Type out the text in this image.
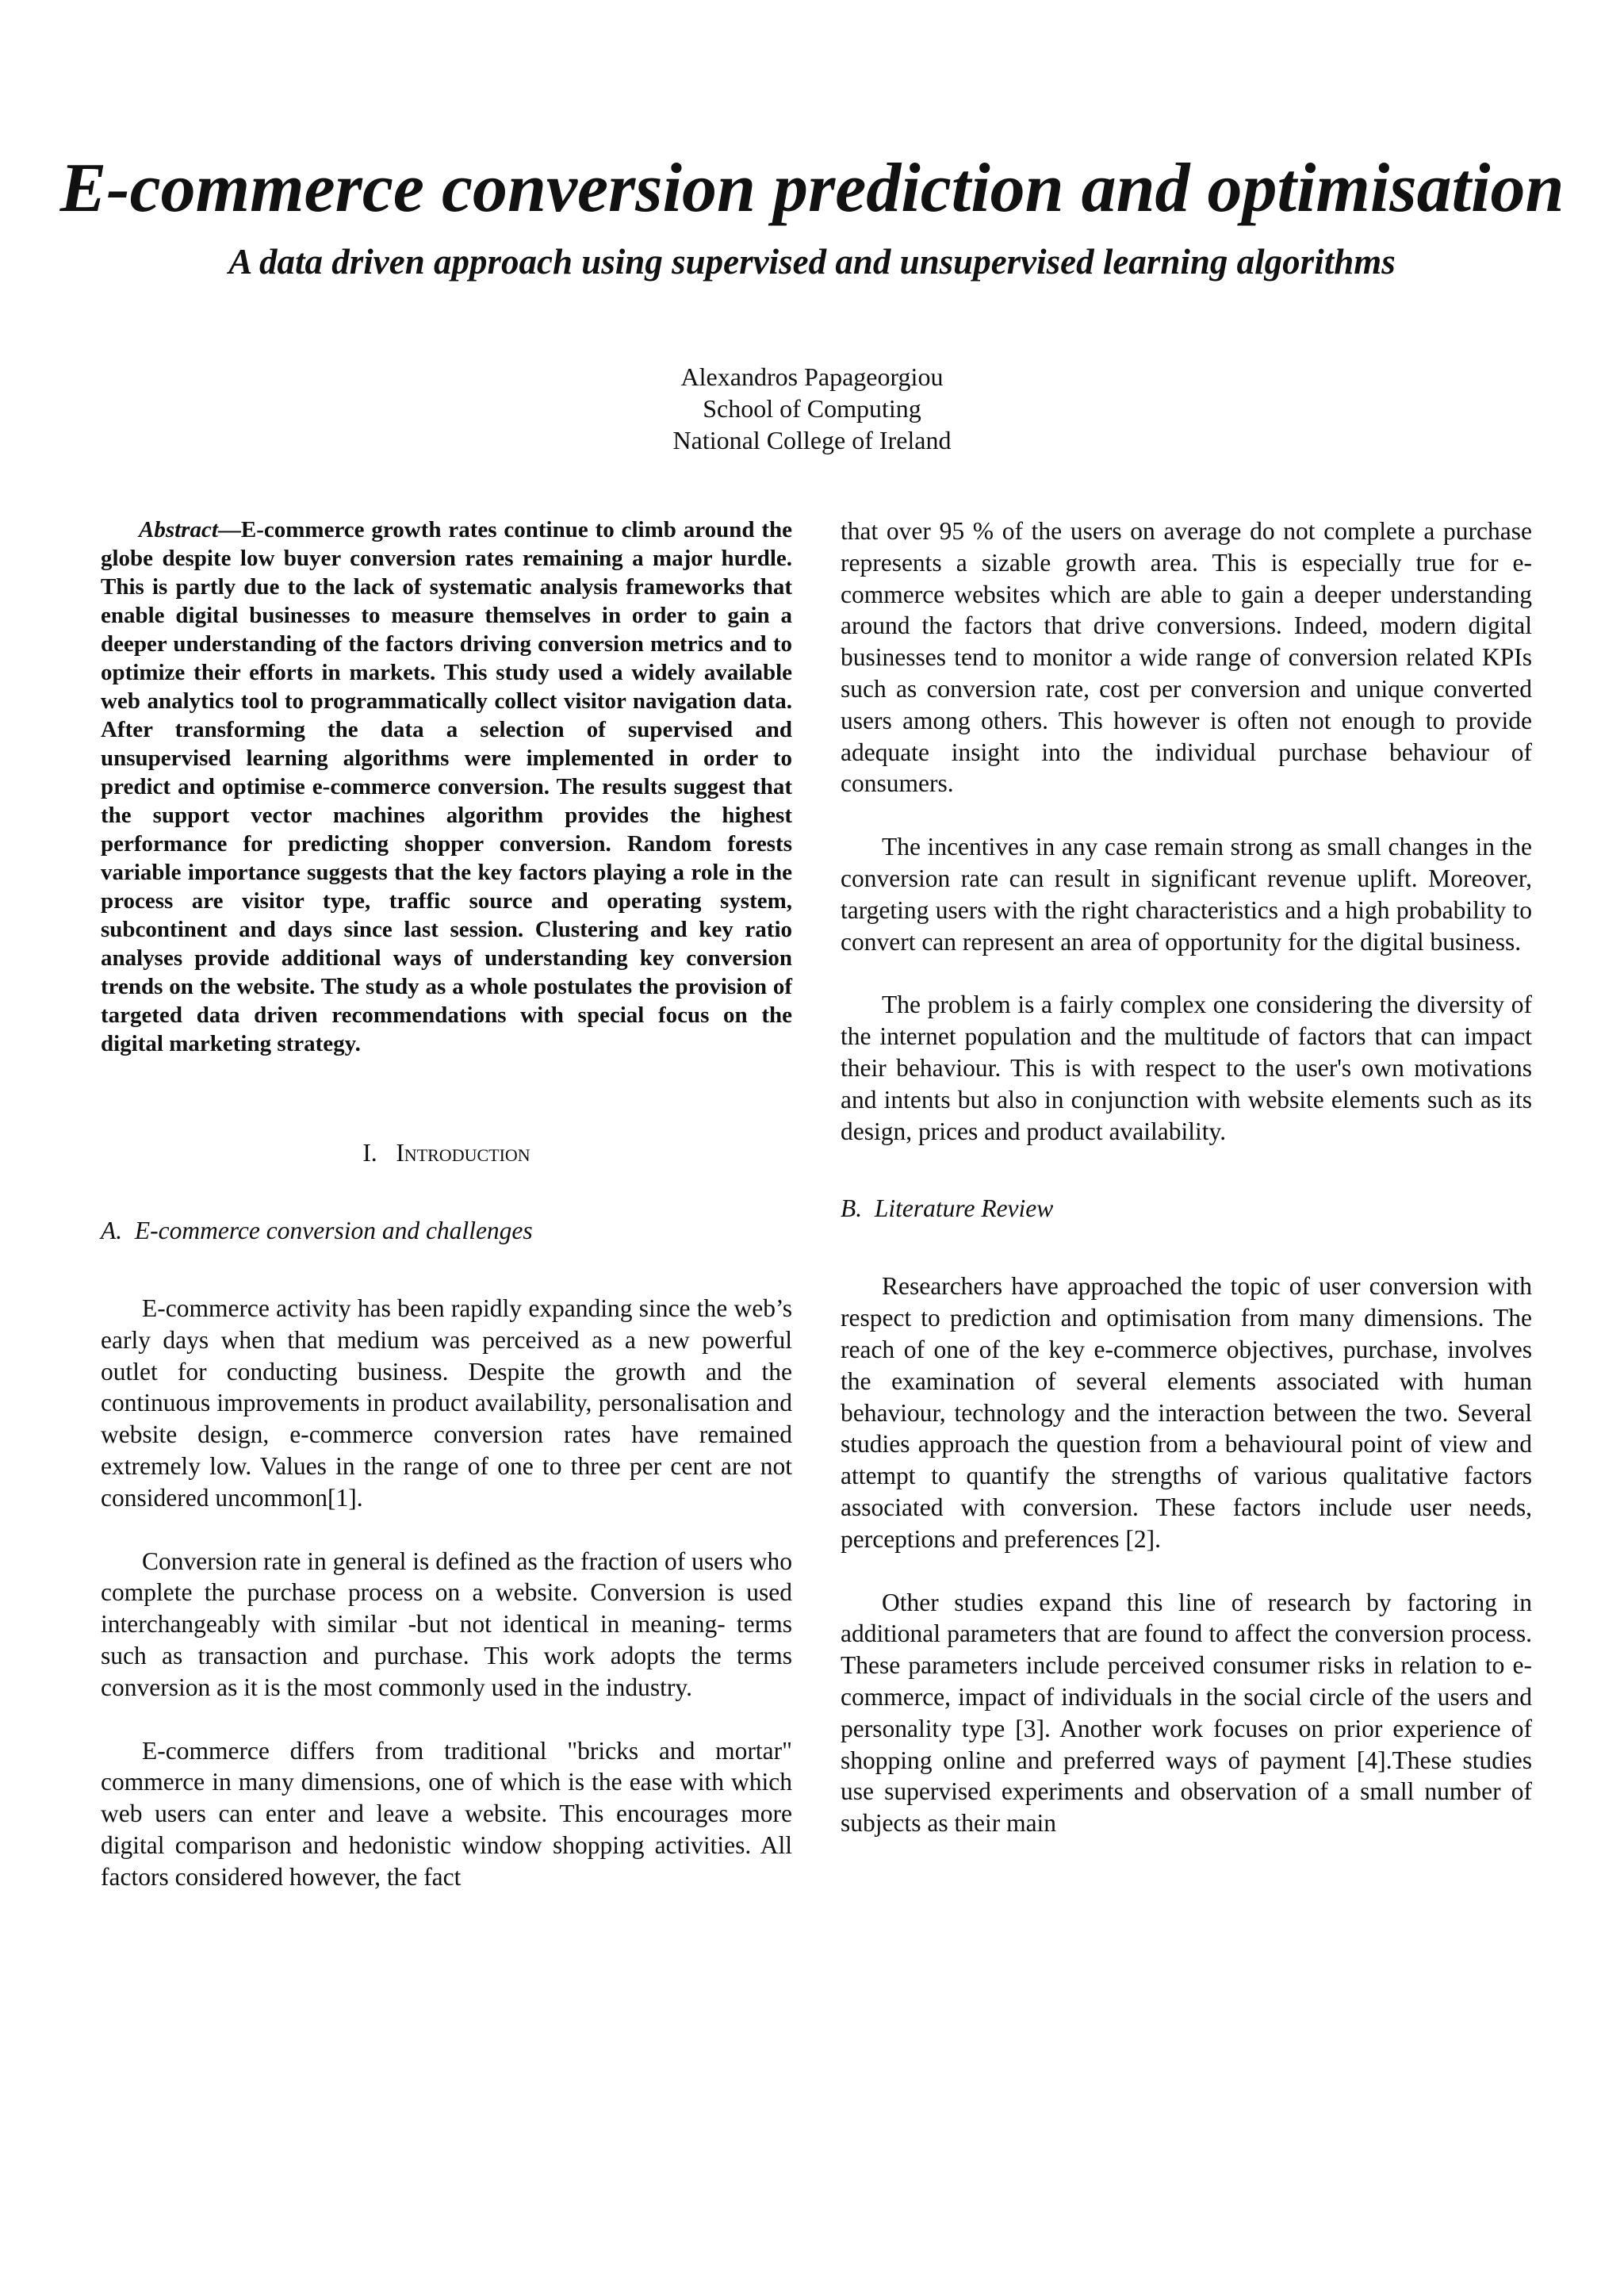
E-commerce conversion prediction and optimisation
A data driven approach using supervised and unsupervised learning algorithms
Alexandros Papageorgiou
School of Computing
National College of Ireland

Abstract—E-commerce growth rates continue to climb around the globe despite low buyer conversion rates remaining a major hurdle. This is partly due to the lack of systematic analysis frameworks that enable digital businesses to measure themselves in order to gain a deeper understanding of the factors driving conversion metrics and to optimize their efforts in markets. This study used a widely available web analytics tool to programmatically collect visitor navigation data. After transforming the data a selection of supervised and unsupervised learning algorithms were implemented in order to predict and optimise e-commerce conversion. The results suggest that the support vector machines algorithm provides the highest performance for predicting shopper conversion. Random forests variable importance suggests that the key factors playing a role in the process are visitor type, traffic source and operating system, subcontinent and days since last session. Clustering and key ratio analyses provide additional ways of understanding key conversion trends on the website. The study as a whole postulates the provision of targeted data driven recommendations with special focus on the digital marketing strategy.

I. Introduction

A. E-commerce conversion and challenges

E-commerce activity has been rapidly expanding since the web’s early days when that medium was perceived as a new powerful outlet for conducting business. Despite the growth and the continuous improvements in product availability, personalisation and website design, e-commerce conversion rates have remained extremely low. Values in the range of one to three per cent are not considered uncommon[1].

Conversion rate in general is defined as the fraction of users who complete the purchase process on a website. Conversion is used interchangeably with similar -but not identical in meaning- terms such as transaction and purchase. This work adopts the terms conversion as it is the most commonly used in the industry.

E-commerce differs from traditional "bricks and mortar" commerce in many dimensions, one of which is the ease with which web users can enter and leave a website. This encourages more digital comparison and hedonistic window shopping activities. All factors considered however, the fact

that over 95 % of the users on average do not complete a purchase represents a sizable growth area. This is especially true for e-commerce websites which are able to gain a deeper understanding around the factors that drive conversions. Indeed, modern digital businesses tend to monitor a wide range of conversion related KPIs such as conversion rate, cost per conversion and unique converted users among others. This however is often not enough to provide adequate insight into the individual purchase behaviour of consumers.

The incentives in any case remain strong as small changes in the conversion rate can result in significant revenue uplift. Moreover, targeting users with the right characteristics and a high probability to convert can represent an area of opportunity for the digital business.

The problem is a fairly complex one considering the diversity of the internet population and the multitude of factors that can impact their behaviour. This is with respect to the user's own motivations and intents but also in conjunction with website elements such as its design, prices and product availability.

B. Literature Review

Researchers have approached the topic of user conversion with respect to prediction and optimisation from many dimensions. The reach of one of the key e-commerce objectives, purchase, involves the examination of several elements associated with human behaviour, technology and the interaction between the two. Several studies approach the question from a behavioural point of view and attempt to quantify the strengths of various qualitative factors associated with conversion. These factors include user needs, perceptions and preferences [2].

Other studies expand this line of research by factoring in additional parameters that are found to affect the conversion process. These parameters include perceived consumer risks in relation to e-commerce, impact of individuals in the social circle of the users and personality type [3]. Another work focuses on prior experience of shopping online and preferred ways of payment [4].These studies use supervised experiments and observation of a small number of subjects as their main
